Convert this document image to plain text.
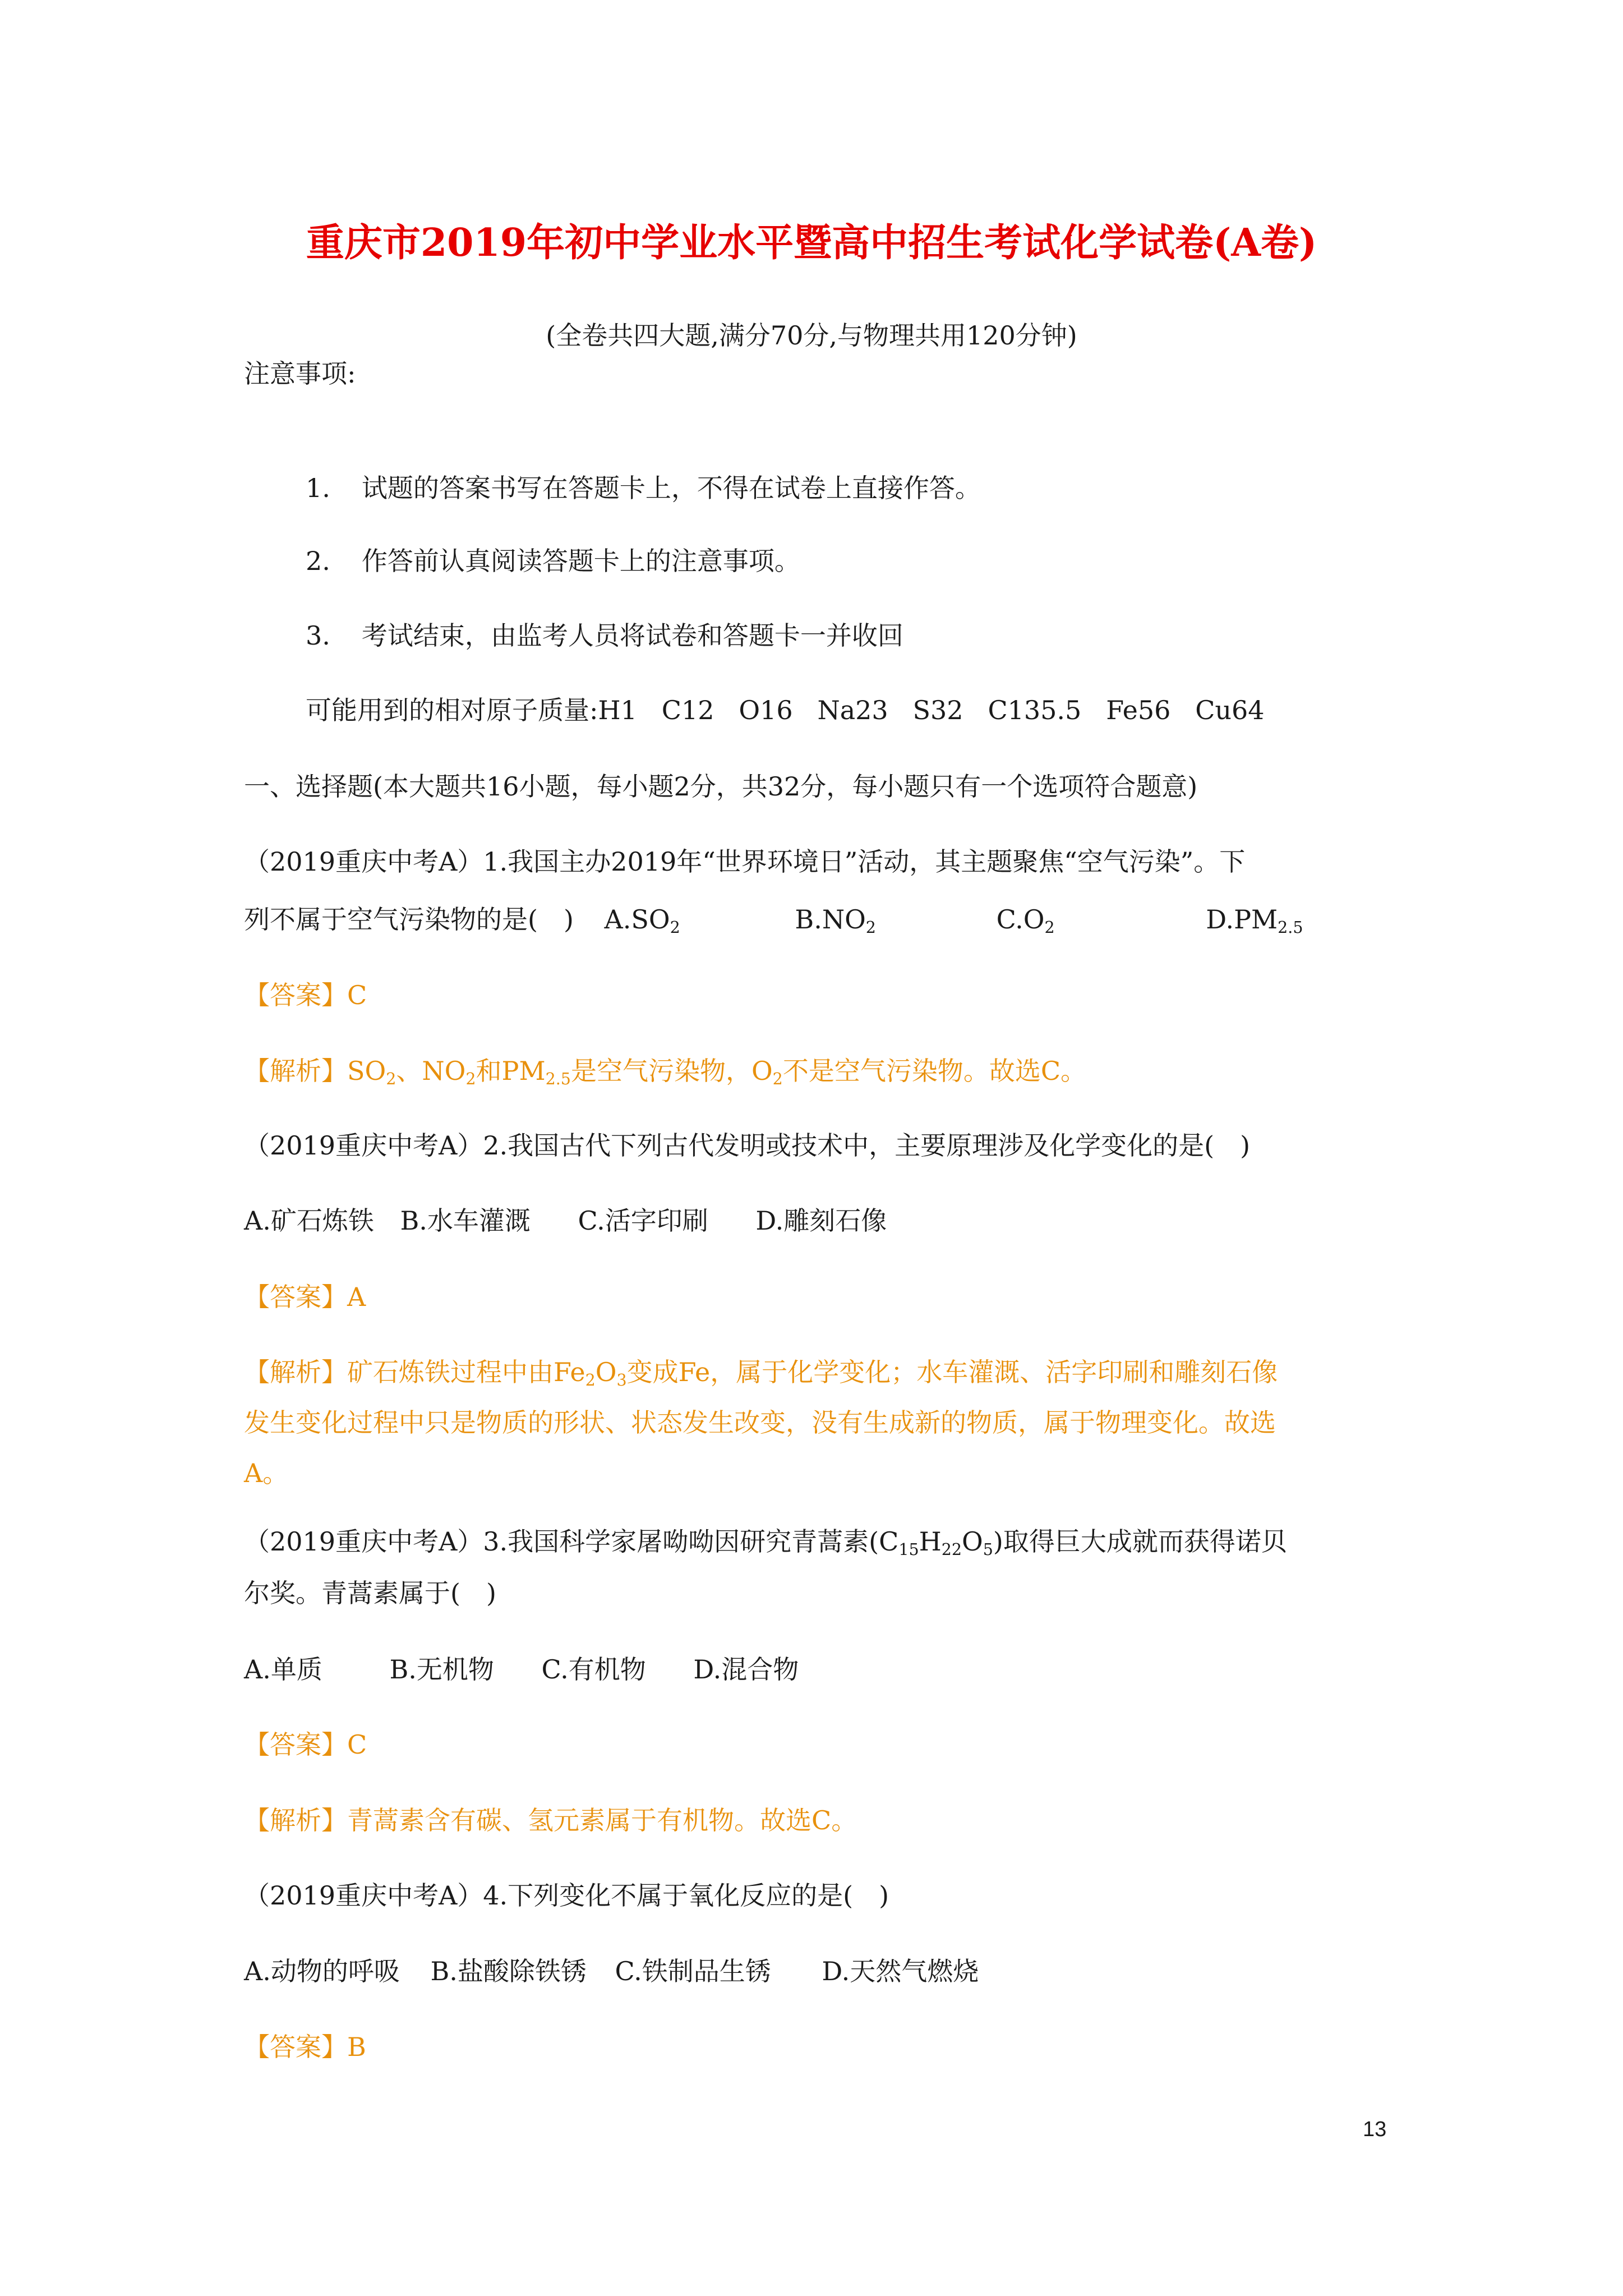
重庆市2019年初中学业水平暨高中招生考试化学试卷(A卷)
(全卷共四大题,满分70分,与物理共用120分钟)
注意事项:
1. 试题的答案书写在答题卡上，不得在试卷上直接作答。
2. 作答前认真阅读答题卡上的注意事项。
3. 考试结束，由监考人员将试卷和答题卡一并收回
可能用到的相对原子质量:H1   C12   O16   Na23   S32   C135.5   Fe56   Cu64
一、选择题(本大题共16小题，每小题2分，共32分，每小题只有一个选项符合题意)
（2019重庆中考A）1.我国主办2019年“世界环境日”活动，其主题聚焦“空气污染”。下
列不属于空气污染物的是(　) $A.SO_2$	$B.NO_2$	$C.O_2$	$D.PM_{2.5}$
【答案】C
【解析】$SO_2$、$NO_2$和$PM_{2.5}$是空气污染物，$O_2$不是空气污染物。故选C。
（2019重庆中考A）2.我国古代下列古代发明或技术中，主要原理涉及化学变化的是(　)
A.矿石炼铁 B.水车灌溉 C.活字印刷 D.雕刻石像
【答案】A
【解析】矿石炼铁过程中由$Fe_2O_3$变成Fe，属于化学变化；水车灌溉、活字印刷和雕刻石像
发生变化过程中只是物质的形状、状态发生改变，没有生成新的物质，属于物理变化。故选
A。
（2019重庆中考A）3.我国科学家屠呦呦因研究青蒿素$(C_{15}H_{22}O_5)$取得巨大成就而获得诺贝
尔奖。青蒿素属于(　)
A.单质	B.无机物 C.有机物 D.混合物
【答案】C
【解析】青蒿素含有碳、氢元素属于有机物。故选C。
（2019重庆中考A）4.下列变化不属于氧化反应的是(　)
A.动物的呼吸 B.盐酸除铁锈 C.铁制品生锈 D.天然气燃烧
【答案】B
13
